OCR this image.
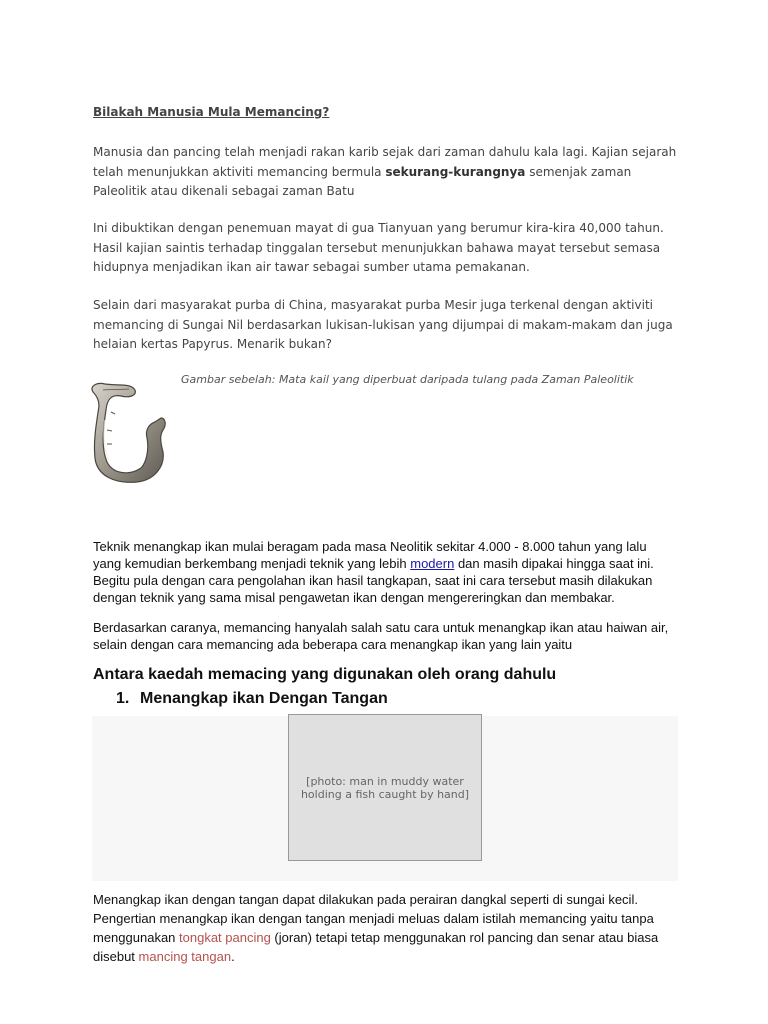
Bilakah Manusia Mula Memancing?

Manusia dan pancing telah menjadi rakan karib sejak dari zaman dahulu kala lagi. Kajian sejarah telah menunjukkan aktiviti memancing bermula sekurang-kurangnya semenjak zaman Paleolitik atau dikenali sebagai zaman Batu

Ini dibuktikan dengan penemuan mayat di gua Tianyuan yang berumur kira-kira 40,000 tahun. Hasil kajian saintis terhadap tinggalan tersebut menunjukkan bahawa mayat tersebut semasa hidupnya menjadikan ikan air tawar sebagai sumber utama pemakanan.

Selain dari masyarakat purba di China, masyarakat purba Mesir juga terkenal dengan aktiviti memancing di Sungai Nil berdasarkan lukisan-lukisan yang dijumpai di makam-makam dan juga helaian kertas Papyrus. Menarik bukan?

Gambar sebelah: Mata kail yang diperbuat daripada tulang pada Zaman Paleolitik

Teknik menangkap ikan mulai beragam pada masa Neolitik sekitar 4.000 - 8.000 tahun yang lalu yang kemudian berkembang menjadi teknik yang lebih modern dan masih dipakai hingga saat ini. Begitu pula dengan cara pengolahan ikan hasil tangkapan, saat ini cara tersebut masih dilakukan dengan teknik yang sama misal pengawetan ikan dengan mengereringkan dan membakar.

Berdasarkan caranya, memancing hanyalah salah satu cara untuk menangkap ikan atau haiwan air, selain dengan cara memancing ada beberapa cara menangkap ikan yang lain yaitu

Antara kaedah memacing yang digunakan oleh orang dahulu
1. Menangkap ikan Dengan Tangan
[photo: man in muddy water holding a fish caught by hand]

Menangkap ikan dengan tangan dapat dilakukan pada perairan dangkal seperti di sungai kecil. Pengertian menangkap ikan dengan tangan menjadi meluas dalam istilah memancing yaitu tanpa menggunakan tongkat pancing (joran) tetapi tetap menggunakan rol pancing dan senar atau biasa disebut mancing tangan.
